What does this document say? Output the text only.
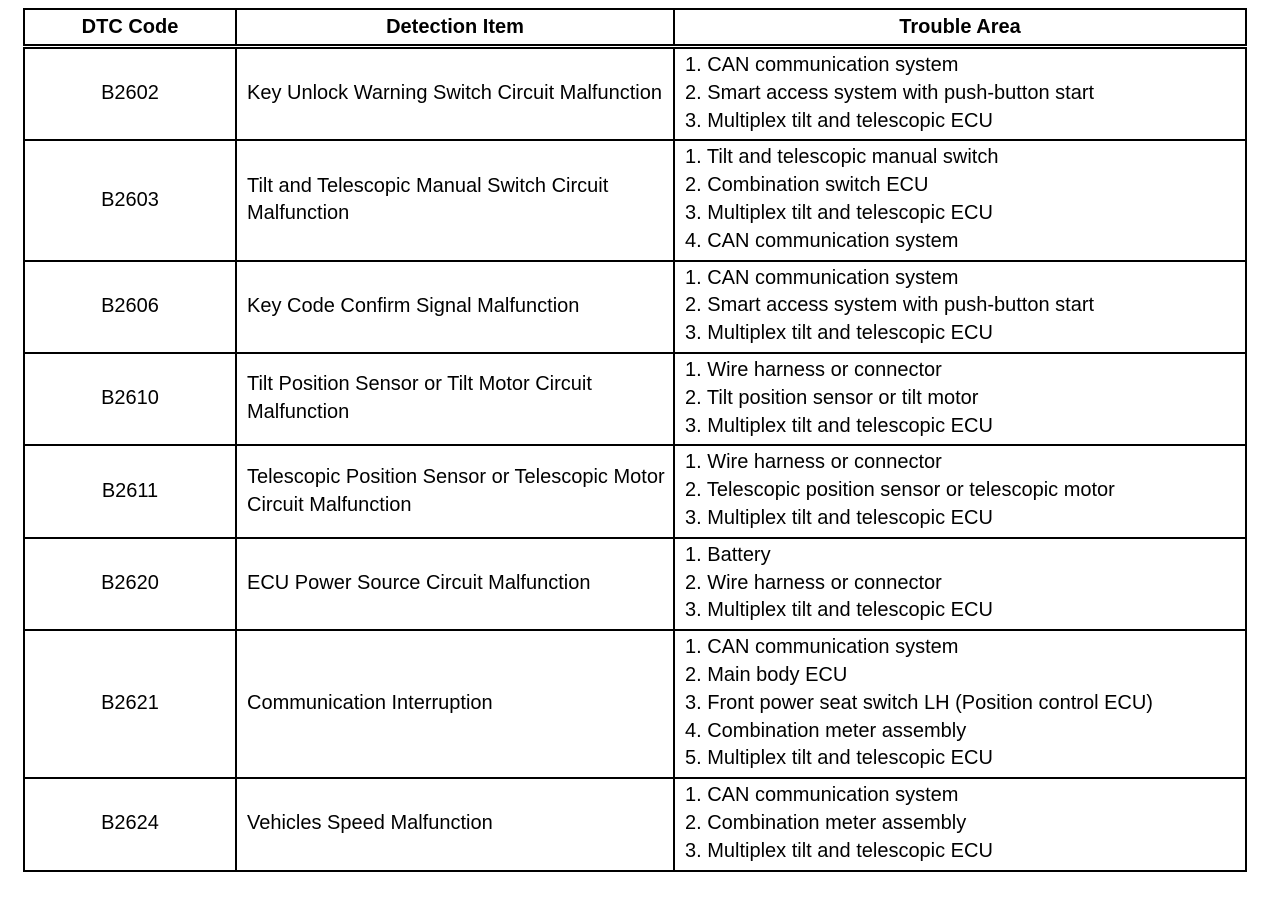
DTC Code	Detection Item	Trouble Area
B2602	Key Unlock Warning Switch Circuit Malfunction	1. CAN communication system
2. Smart access system with push-button start
3. Multiplex tilt and telescopic ECU

B2603	Tilt and Telescopic Manual Switch Circuit Malfunction	1. Tilt and telescopic manual switch
2. Combination switch ECU
3. Multiplex tilt and telescopic ECU
4. CAN communication system

B2606	Key Code Confirm Signal Malfunction	1. CAN communication system
2. Smart access system with push-button start
3. Multiplex tilt and telescopic ECU

B2610	Tilt Position Sensor or Tilt Motor Circuit Malfunction	1. Wire harness or connector
2. Tilt position sensor or tilt motor
3. Multiplex tilt and telescopic ECU

B2611	Telescopic Position Sensor or Telescopic Motor Circuit Malfunction	1. Wire harness or connector
2. Telescopic position sensor or telescopic motor
3. Multiplex tilt and telescopic ECU

B2620	ECU Power Source Circuit Malfunction	1. Battery
2. Wire harness or connector
3. Multiplex tilt and telescopic ECU

B2621	Communication Interruption	1. CAN communication system
2. Main body ECU
3. Front power seat switch LH (Position control ECU)
4. Combination meter assembly
5. Multiplex tilt and telescopic ECU

B2624	Vehicles Speed Malfunction	1. CAN communication system
2. Combination meter assembly
3. Multiplex tilt and telescopic ECU
